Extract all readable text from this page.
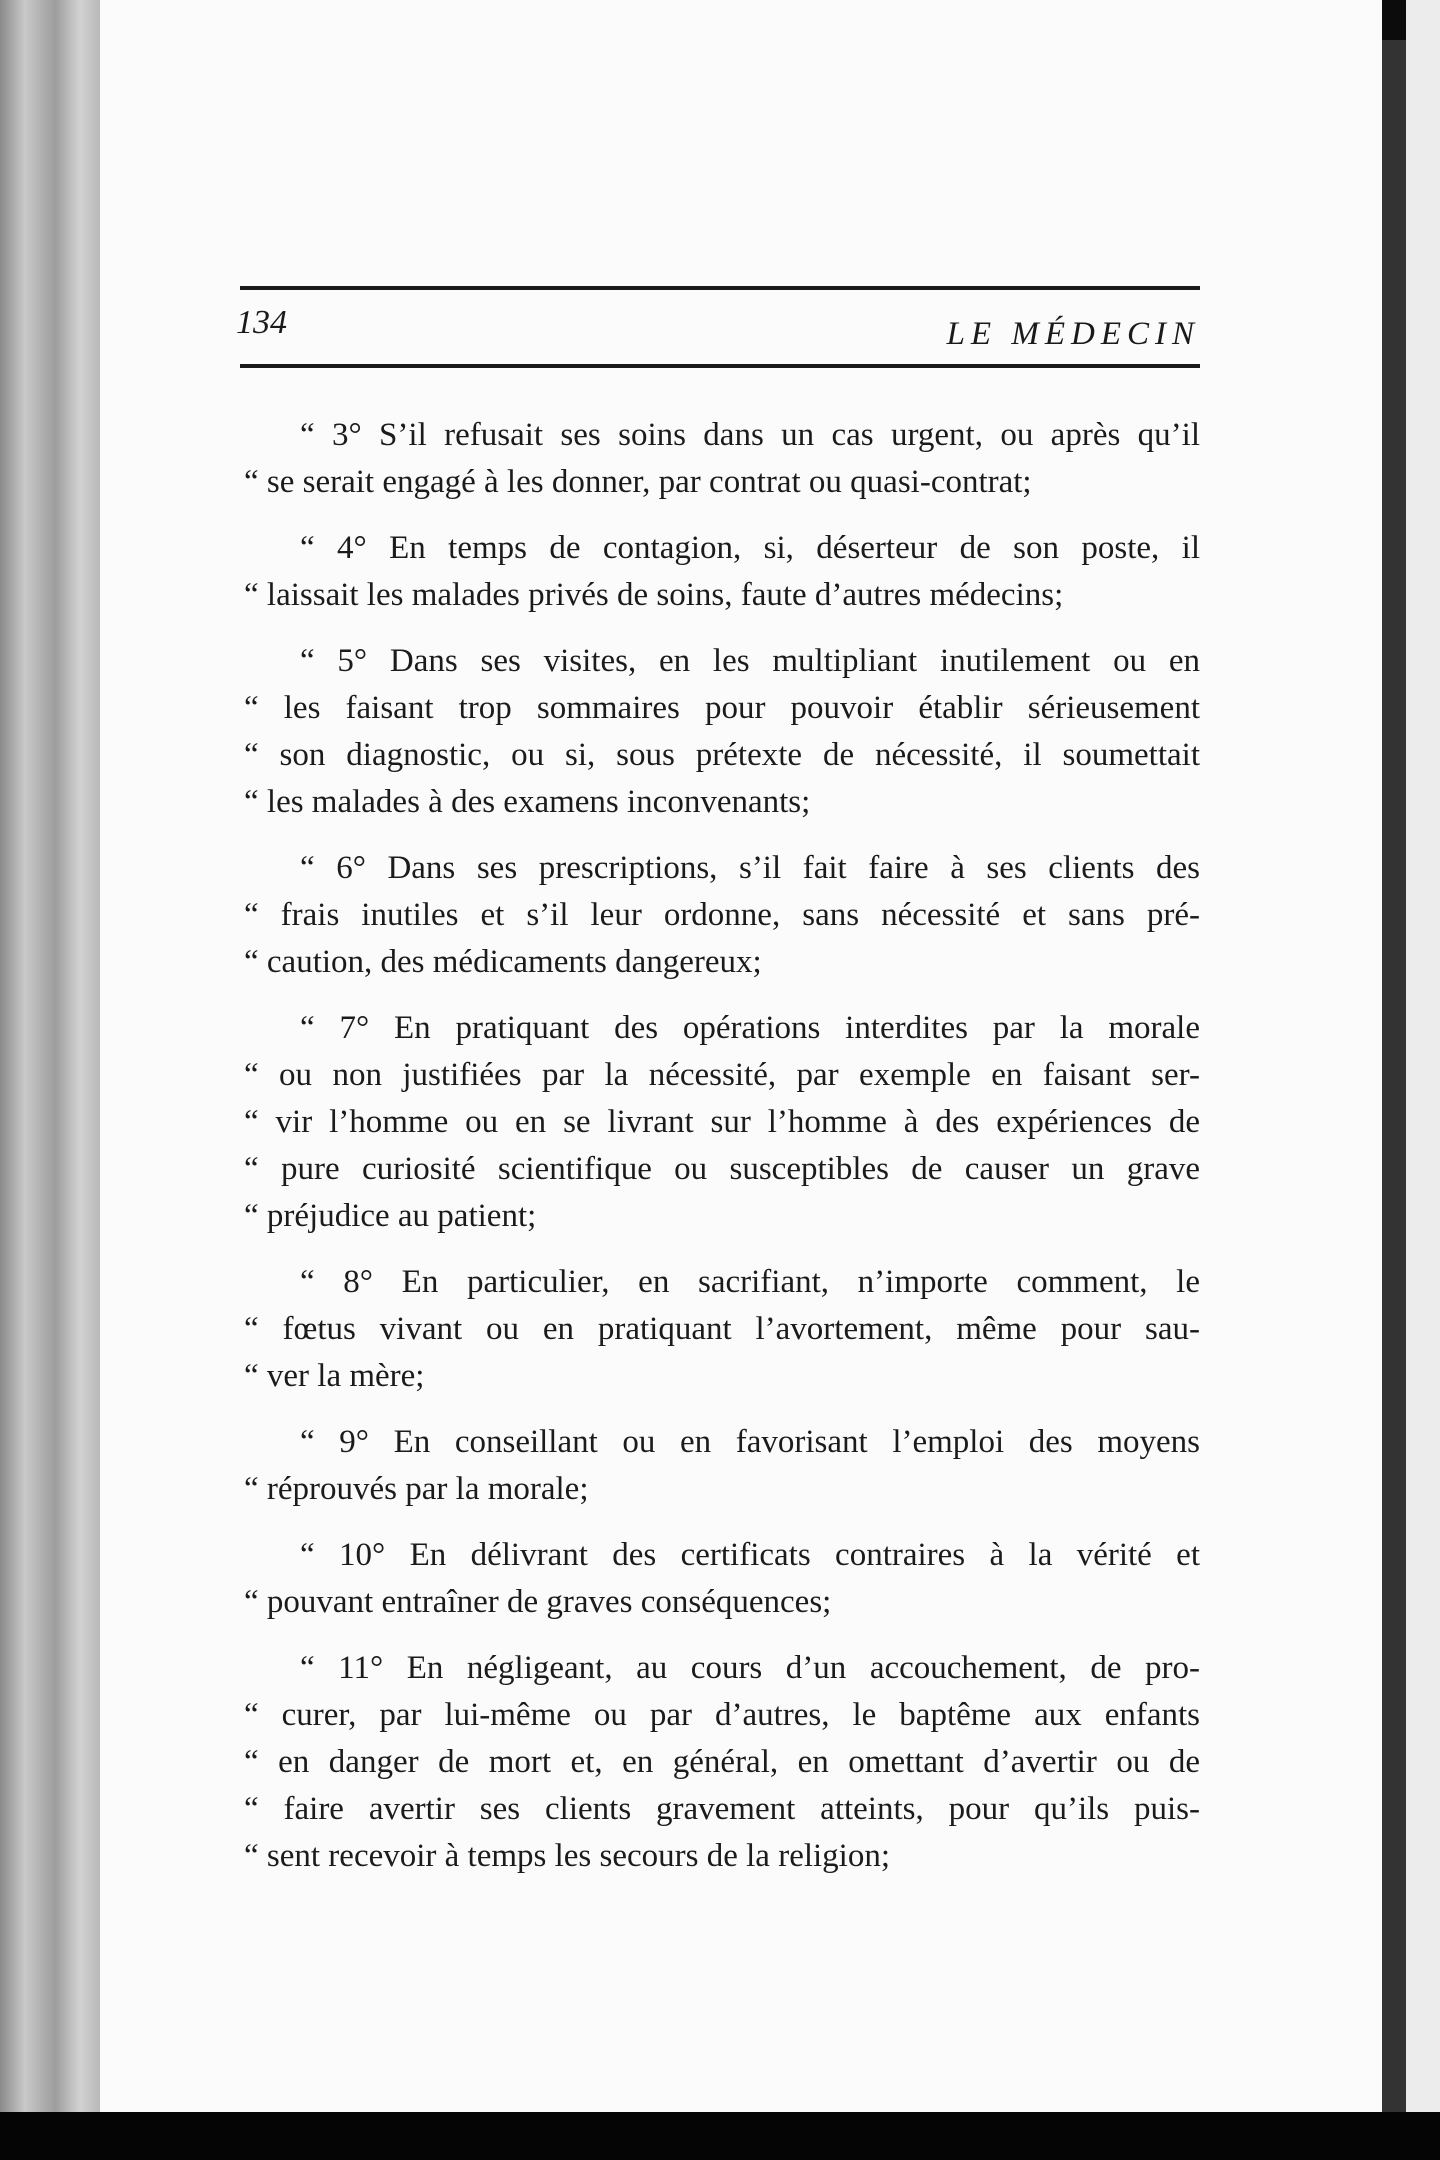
134	LE MÉDECIN
“ 3° S’il refusait ses soins dans un cas urgent, ou après qu’il
“ se serait engagé à les donner, par contrat ou quasi-contrat;
“ 4° En temps de contagion, si, déserteur de son poste, il
“ laissait les malades privés de soins, faute d’autres médecins;
“ 5° Dans ses visites, en les multipliant inutilement ou en
“ les faisant trop sommaires pour pouvoir établir sérieusement
“ son diagnostic, ou si, sous prétexte de nécessité, il soumettait
“ les malades à des examens inconvenants;
“ 6° Dans ses prescriptions, s’il fait faire à ses clients des
“ frais inutiles et s’il leur ordonne, sans nécessité et sans pré-
“ caution, des médicaments dangereux;
“ 7° En pratiquant des opérations interdites par la morale
“ ou non justifiées par la nécessité, par exemple en faisant ser-
“ vir l’homme ou en se livrant sur l’homme à des expériences de
“ pure curiosité scientifique ou susceptibles de causer un grave
“ préjudice au patient;
“ 8° En particulier, en sacrifiant, n’importe comment, le
“ fœtus vivant ou en pratiquant l’avortement, même pour sau-
“ ver la mère;
“ 9° En conseillant ou en favorisant l’emploi des moyens
“ réprouvés par la morale;
“ 10° En délivrant des certificats contraires à la vérité et
“ pouvant entraîner de graves conséquences;
“ 11° En négligeant, au cours d’un accouchement, de pro-
“ curer, par lui-même ou par d’autres, le baptême aux enfants
“ en danger de mort et, en général, en omettant d’avertir ou de
“ faire avertir ses clients gravement atteints, pour qu’ils puis-
“ sent recevoir à temps les secours de la religion;
